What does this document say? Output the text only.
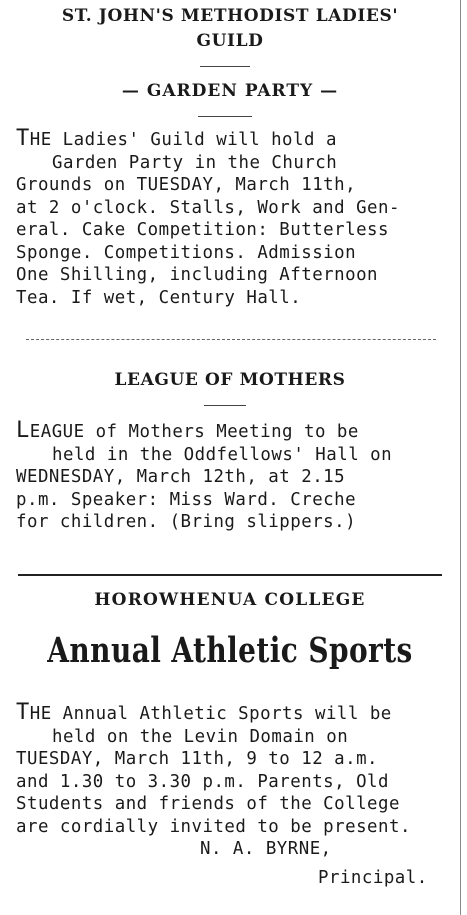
ST. JOHN'S METHODIST LADIES'
GUILD
— GARDEN PARTY —
THE Ladies' Guild will hold a
Garden Party in the Church
Grounds on TUESDAY, March 11th,
at 2 o'clock. Stalls, Work and Gen-
eral. Cake Competition: Butterless
Sponge. Competitions. Admission
One Shilling, including Afternoon
Tea. If wet, Century Hall.
LEAGUE OF MOTHERS
LEAGUE of Mothers Meeting to be
held in the Oddfellows' Hall on
WEDNESDAY, March 12th, at 2.15
p.m. Speaker: Miss Ward. Creche
for children. (Bring slippers.)
HOROWHENUA COLLEGE
Annual Athletic Sports
THE Annual Athletic Sports will be
held on the Levin Domain on
TUESDAY, March 11th, 9 to 12 a.m.
and 1.30 to 3.30 p.m. Parents, Old
Students and friends of the College
are cordially invited to be present.
N. A. BYRNE,
Principal.
